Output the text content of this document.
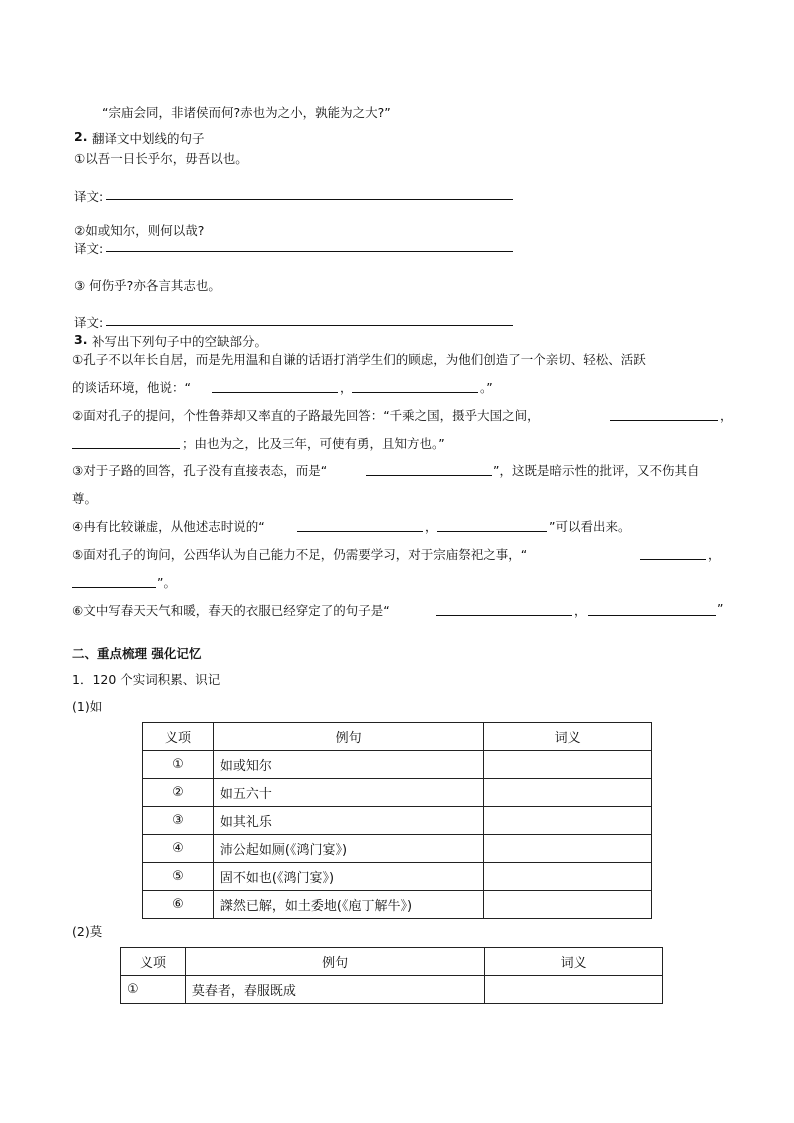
“宗庙会同，非诸侯而何?赤也为之小，孰能为之大?”
2. 翻译文中划线的句子
①以吾一日长乎尔，毋吾以也。
译文:
②如或知尔，则何以哉?
译文:
③ 何伤乎?亦各言其志也。
译文:
3. 补写出下列句子中的空缺部分。
①孔子不以年长自居，而是先用温和自谦的话语打消学生们的顾虑，为他们创造了一个亲切、轻松、活跃
的谈话环境，他说：“	，	。”
②面对孔子的提问，个性鲁莽却又率直的子路最先回答：“千乘之国，摄乎大国之间，	，
；由也为之，比及三年，可使有勇，且知方也。”
③对于子路的回答，孔子没有直接表态，而是“	”，这既是暗示性的批评，又不伤其自
尊。
④冉有比较谦虚，从他述志时说的“	，	”可以看出来。
⑤面对孔子的询问，公西华认为自己能力不足，仍需要学习，对于宗庙祭祀之事，“	，
”。
⑥文中写春天天气和暖，春天的衣服已经穿定了的句子是“	，	”
二、重点梳理 强化记忆
1．120 个实词积累、识记
(1)如
义项	例句	词义
①	如或知尔	
②	如五六十	
③	如其礼乐	
④	沛公起如厕(《鸿门宴》)	
⑤	固不如也(《鸿门宴》)	
⑥	謋然已解，如土委地(《庖丁解牛》)	
(2)莫
义项	例句	词义
①	莫春者，春服既成	
